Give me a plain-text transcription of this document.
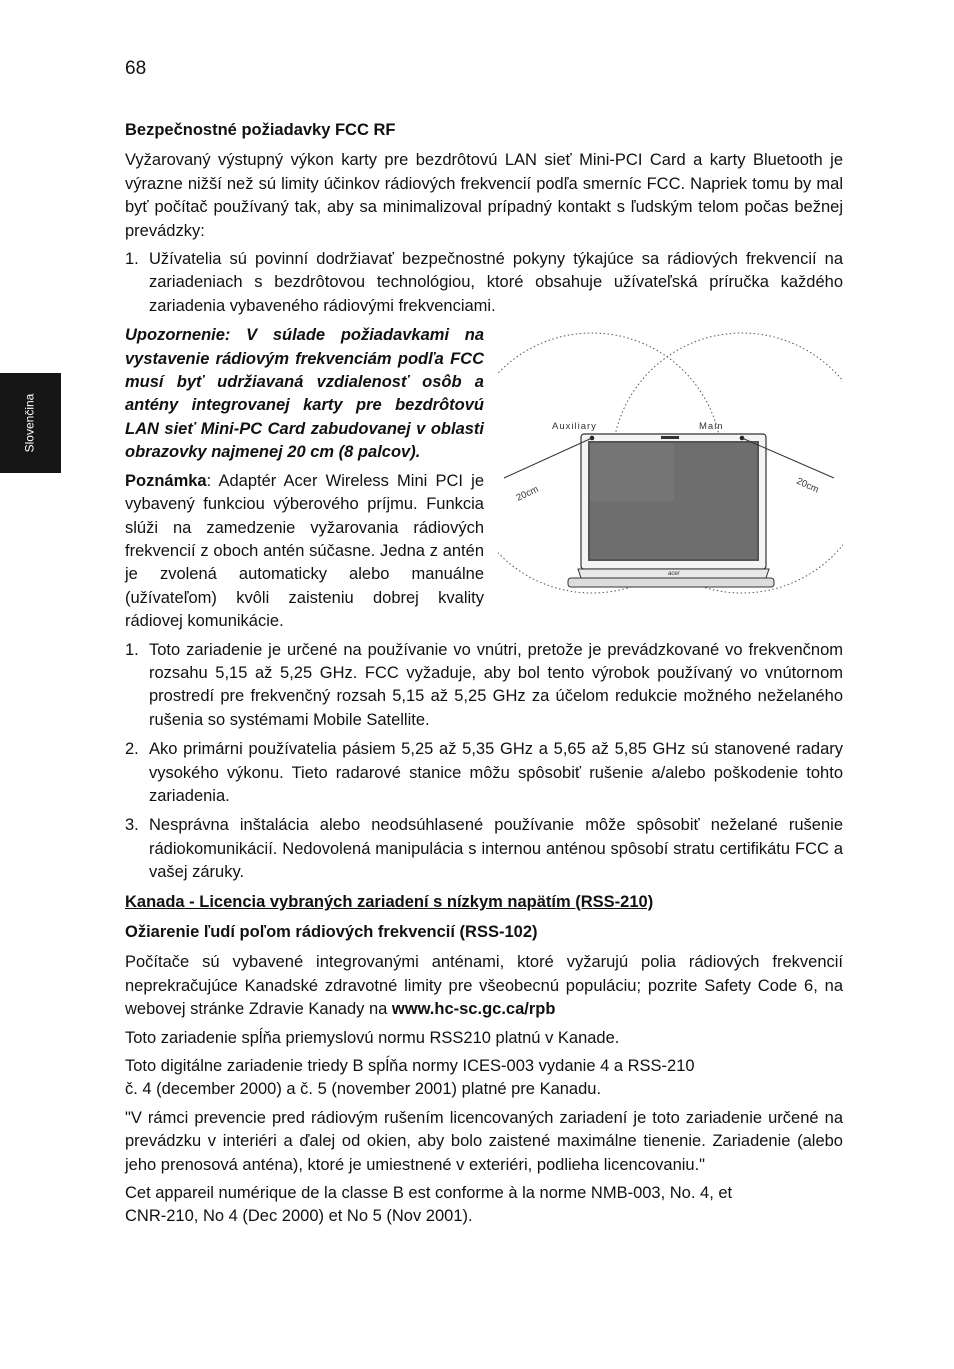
Slovenčina
68

Bezpečnostné požiadavky FCC RF

Vyžarovaný výstupný výkon karty pre bezdrôtovú LAN sieť Mini-PCI Card a karty Bluetooth je výrazne nižší než sú limity účinkov rádiových frekvencií podľa smerníc FCC. Napriek tomu by mal byť počítač používaný tak, aby sa minimalizoval prípadný kontakt s ľudským telom počas bežnej prevádzky:

1. Užívatelia sú povinní dodržiavať bezpečnostné pokyny týkajúce sa rádiových frekvencií na zariadeniach s bezdrôtovou technológiou, ktoré obsahuje užívateľská príručka každého zariadenia vybaveného rádiovými frekvenciami.
acer
Auxiliary	Main
20cm	20cm

Upozornenie: V súlade požiadavkami na vystavenie rádiovým frekvenciám podľa FCC musí byť udržiavaná vzdialenosť osôb a antény integrovanej karty pre bezdrôtovú LAN sieť Mini-PC Card zabudovanej v oblasti obrazovky najmenej 20 cm (8 palcov).

Poznámka: Adaptér Acer Wireless Mini PCI je vybavený funkciou výberového príjmu. Funkcia slúži na zamedzenie vyžarovania rádiových frekvencií z oboch antén súčasne. Jedna z antén je zvolená automaticky alebo manuálne (užívateľom) kvôli zaisteniu dobrej kvality rádiovej komunikácie.

1. Toto zariadenie je určené na používanie vo vnútri, pretože je prevádzkované vo frekvenčnom rozsahu 5,15 až 5,25 GHz. FCC vyžaduje, aby bol tento výrobok používaný vo vnútornom prostredí pre frekvenčný rozsah 5,15 až 5,25 GHz za účelom redukcie možného neželaného rušenia so systémami Mobile Satellite.
2. Ako primárni používatelia pásiem 5,25 až 5,35 GHz a 5,65 až 5,85 GHz sú stanovené radary vysokého výkonu. Tieto radarové stanice môžu spôsobiť rušenie a/alebo poškodenie tohto zariadenia.
3. Nesprávna inštalácia alebo neodsúhlasené používanie môže spôsobiť neželané rušenie rádiokomunikácií. Nedovolená manipulácia s internou anténou spôsobí stratu certifikátu FCC a vašej záruky.

Kanada - Licencia vybraných zariadení s nízkym napätím (RSS-210)

Ožiarenie ľudí poľom rádiových frekvencií (RSS-102)

Počítače sú vybavené integrovanými anténami, ktoré vyžarujú polia rádiových frekvencií neprekračujúce Kanadské zdravotné limity pre všeobecnú populáciu; pozrite Safety Code 6, na webovej stránke Zdravie Kanady na www.hc-sc.gc.ca/rpb

Toto zariadenie spĺňa priemyslovú normu RSS210 platnú v Kanade.

Toto digitálne zariadenie triedy B spĺňa normy ICES-003 vydanie 4 a RSS-210
č. 4 (december 2000) a č. 5 (november 2001) platné pre Kanadu.

"V rámci prevencie pred rádiovým rušením licencovaných zariadení je toto zariadenie určené na prevádzku v interiéri a ďalej od okien, aby bolo zaistené maximálne tienenie. Zariadenie (alebo jeho prenosová anténa), ktoré je umiestnené v exteriéri, podlieha licencovaniu."

Cet appareil numérique de la classe B est conforme à la norme NMB-003, No. 4, et
CNR-210, No 4 (Dec 2000) et No 5 (Nov 2001).
